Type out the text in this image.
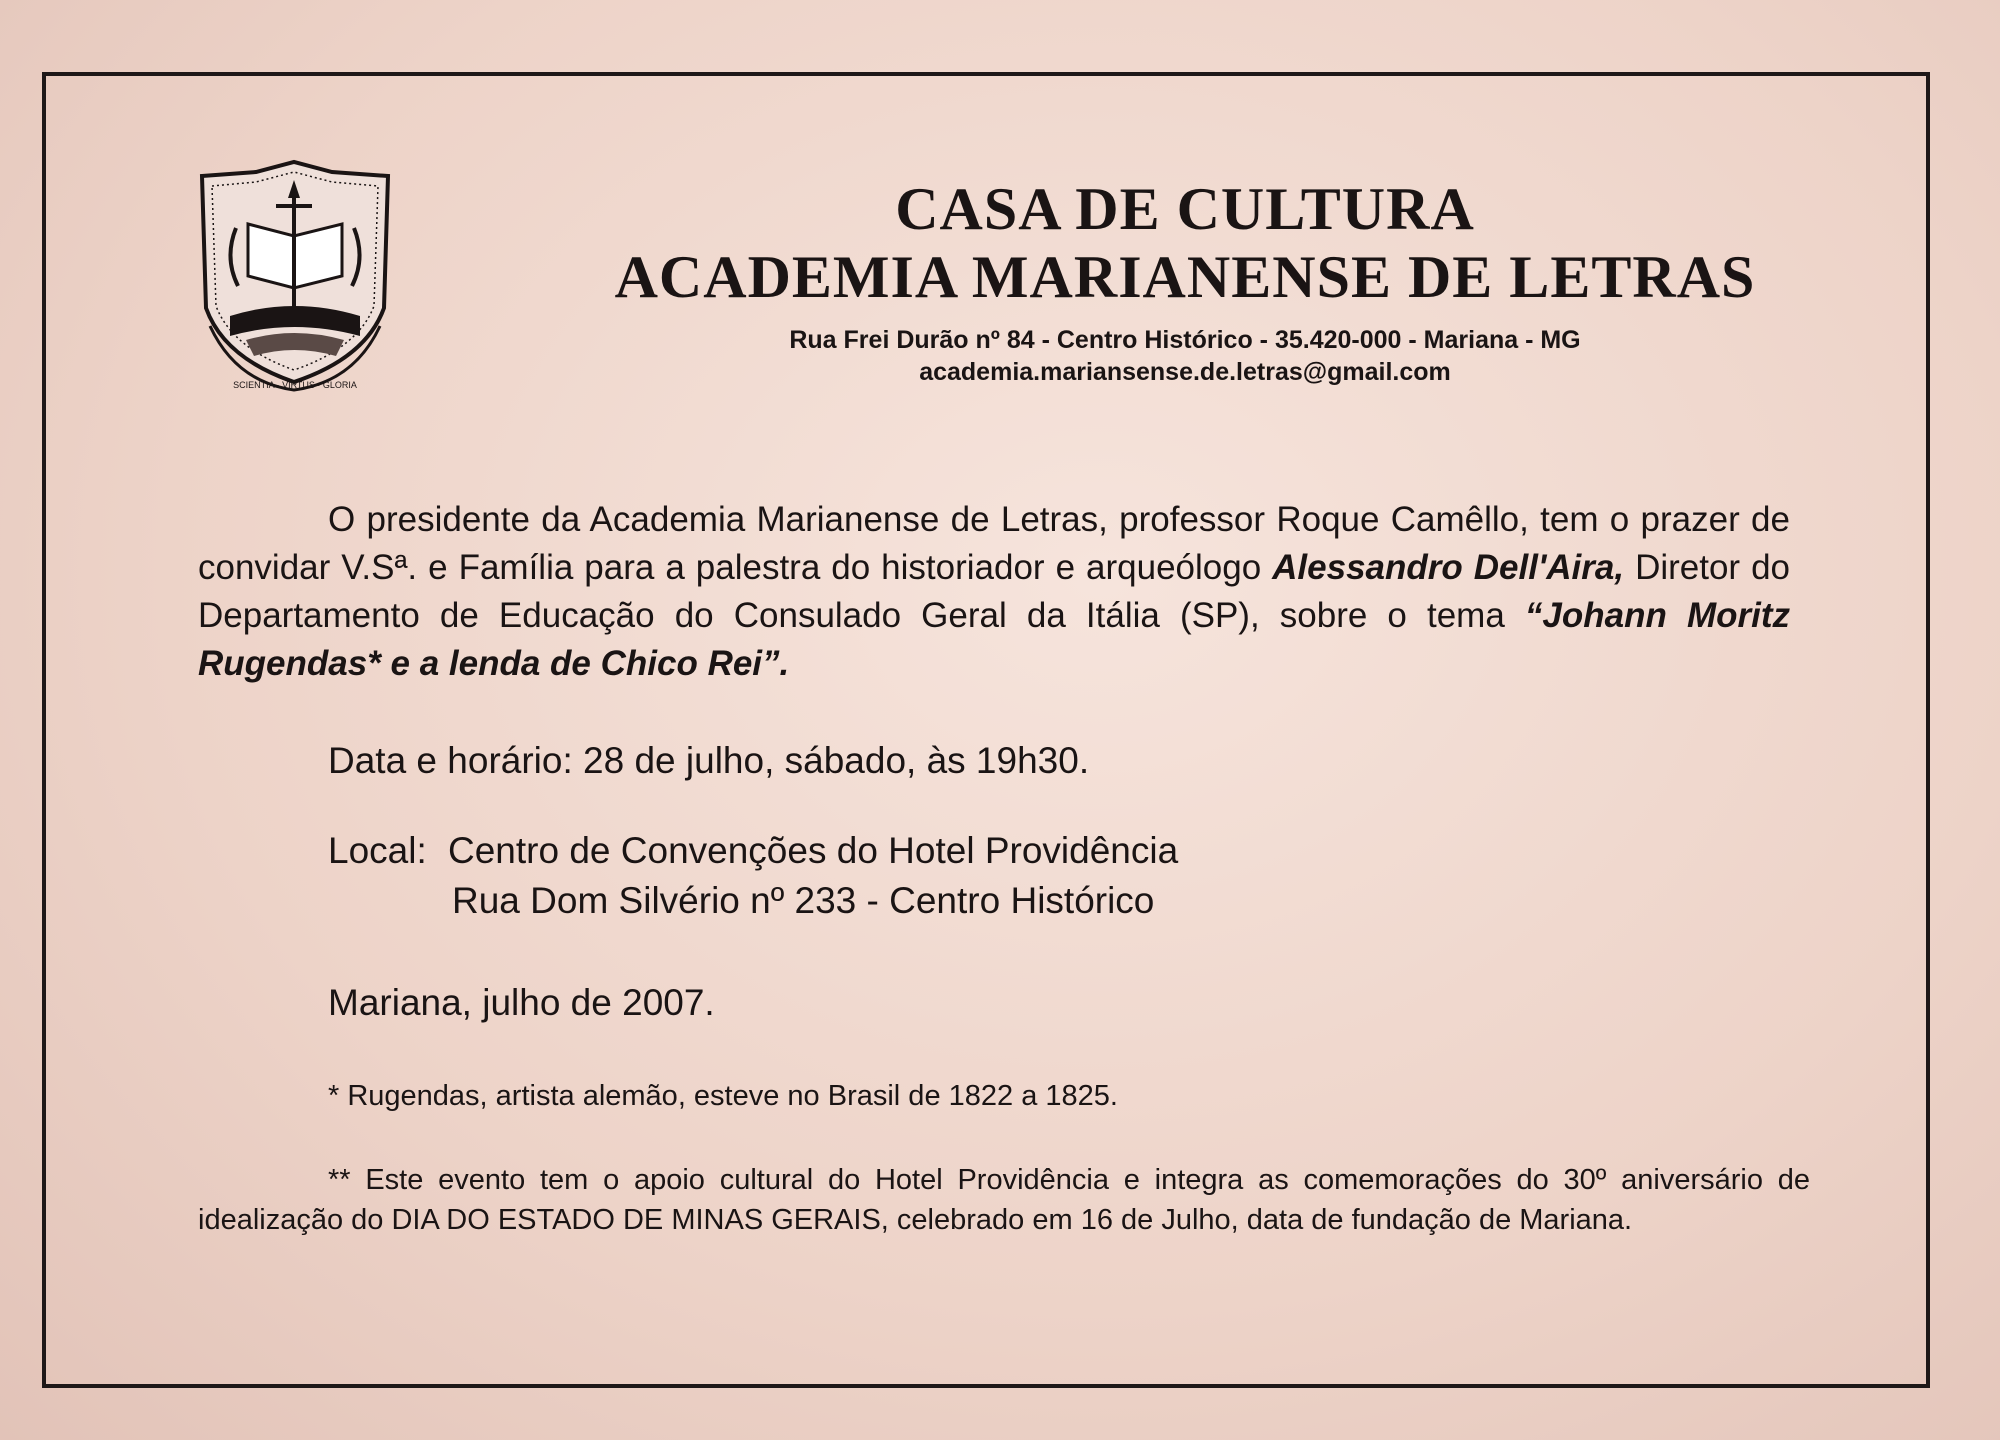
SCIENTIA · VIRTUS · GLORIA
CASA DE CULTURA
ACADEMIA MARIANENSE DE LETRAS
Rua Frei Durão nº 84 - Centro Histórico - 35.420-000 - Mariana - MG
academia.mariansense.de.letras@gmail.com
O presidente da Academia Marianense de Letras, professor Roque Camêllo, tem o prazer de convidar V.Sª. e Família para a palestra do historiador e arqueólogo Alessandro Dell'Aira, Diretor do Departamento de Educação do Consulado Geral da Itália (SP), sobre o tema “Johann Moritz Rugendas* e a lenda de Chico Rei”.
Data e horário: 28 de julho, sábado, às 19h30.
Local: Centro de Convenções do Hotel Providência
Rua Dom Silvério nº 233 - Centro Histórico
Mariana, julho de 2007.
* Rugendas, artista alemão, esteve no Brasil de 1822 a 1825.
** Este evento tem o apoio cultural do Hotel Providência e integra as comemorações do 30º aniversário de idealização do DIA DO ESTADO DE MINAS GERAIS, celebrado em 16 de Julho, data de fundação de Mariana.
